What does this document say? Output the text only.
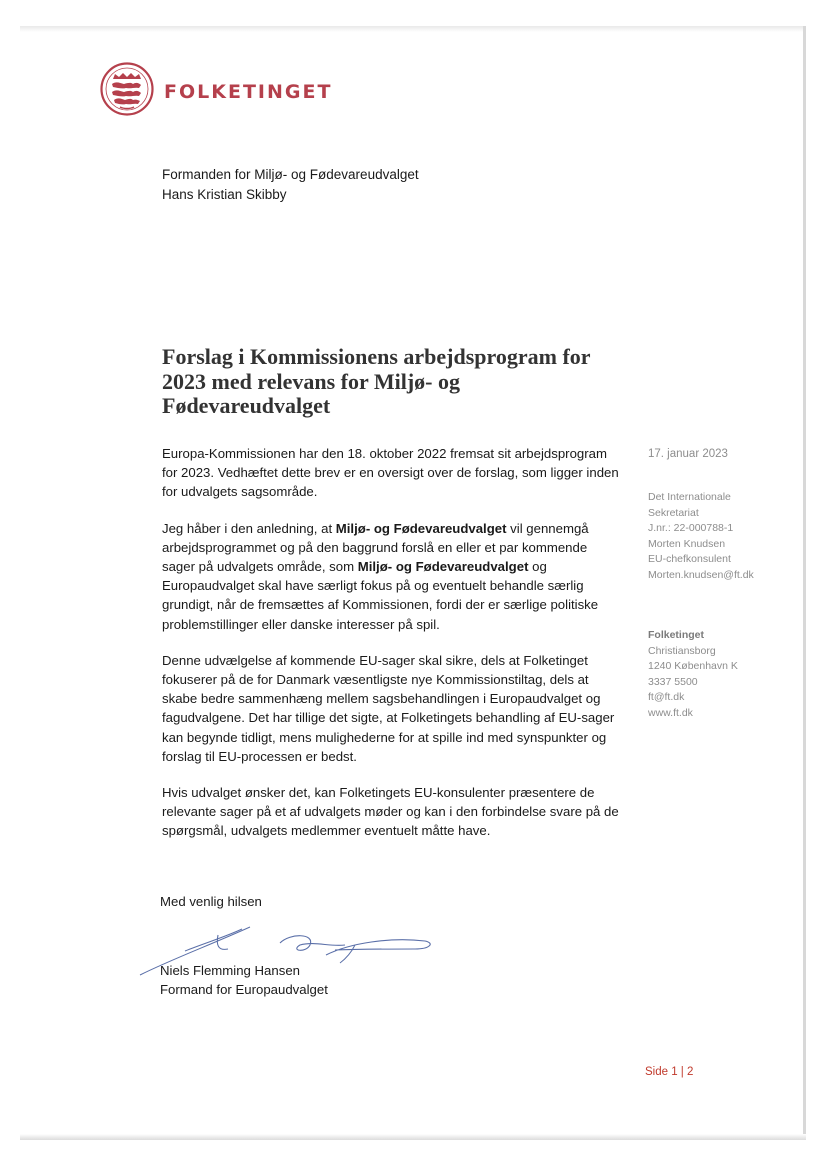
FOLKETINGET
Formanden for Miljø- og Fødevareudvalget
Hans Kristian Skibby
Forslag i Kommissionens arbejdsprogram for 2023 med relevans for Miljø- og Fødevareudvalget

Europa-Kommissionen har den 18. oktober 2022 fremsat sit arbejdsprogram for 2023. Vedhæftet dette brev er en oversigt over de forslag, som ligger inden for udvalgets sagsområde.

Jeg håber i den anledning, at Miljø- og Fødevareudvalget vil gennemgå arbejdsprogrammet og på den baggrund forslå en eller et par kommende sager på udvalgets område, som Miljø- og Fødevareudvalget og Europaudvalget skal have særligt fokus på og eventuelt behandle særlig grundigt, når de fremsættes af Kommissionen, fordi der er særlige politiske problemstillinger eller danske interesser på spil.

Denne udvælgelse af kommende EU-sager skal sikre, dels at Folketinget fokuserer på de for Danmark væsentligste nye Kommissionstiltag, dels at skabe bedre sammenhæng mellem sagsbehandlingen i Europaudvalget og fagudvalgene. Det har tillige det sigte, at Folketingets behandling af EU-sager kan begynde tidligt, mens mulighederne for at spille ind med synspunkter og forslag til EU-processen er bedst.

Hvis udvalget ønsker det, kan Folketingets EU-konsulenter præsentere de relevante sager på et af udvalgets møder og kan i den forbindelse svare på de spørgsmål, udvalgets medlemmer eventuelt måtte have.

17. januar 2023
Det Internationale
Sekretariat
J.nr.: 22-000788-1
Morten Knudsen
EU-chefkonsulent
Morten.knudsen@ft.dk
Folketinget
Christiansborg
1240 København K
3337 5500
ft@ft.dk
www.ft.dk
Med venlig hilsen
Niels Flemming Hansen
Formand for Europaudvalget
Side 1 | 2
